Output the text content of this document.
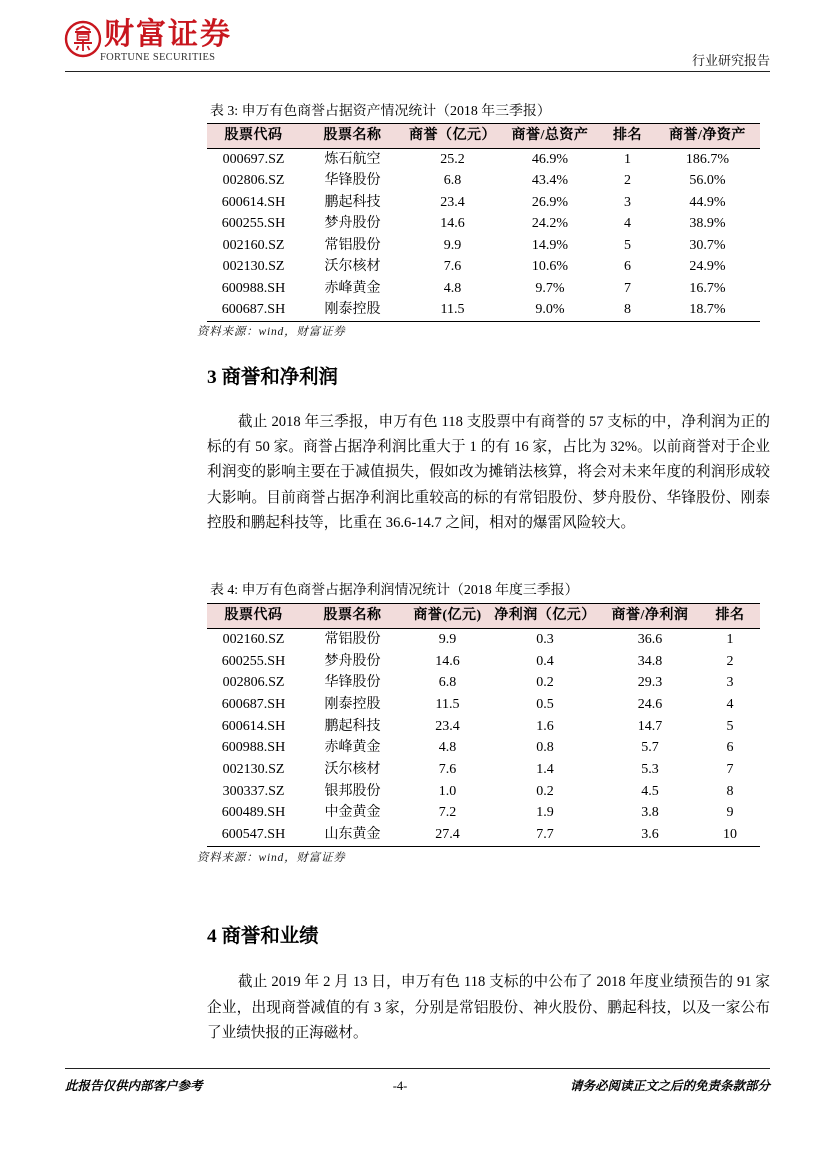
财富证券
FORTUNE SECURITIES	行业研究报告
表 3: 申万有色商誉占据资产情况统计（2018 年三季报）
股票代码	股票名称	商誉（亿元）	商誉/总资产	排名	商誉/净资产
000697.SZ	炼石航空	25.2	46.9%	1	186.7%
002806.SZ	华锋股份	6.8	43.4%	2	56.0%
600614.SH	鹏起科技	23.4	26.9%	3	44.9%
600255.SH	梦舟股份	14.6	24.2%	4	38.9%
002160.SZ	常铝股份	9.9	14.9%	5	30.7%
002130.SZ	沃尔核材	7.6	10.6%	6	24.9%
600988.SH	赤峰黄金	4.8	9.7%	7	16.7%
600687.SH	刚泰控股	11.5	9.0%	8	18.7%
资料来源：wind，财富证券
3 商誉和净利润
截止 2018 年三季报，申万有色 118 支股票中有商誉的 57 支标的中，净利润为正的
标的有 50 家。商誉占据净利润比重大于 1 的有 16 家，占比为 32%。以前商誉对于企业
利润变的影响主要在于减值损失，假如改为摊销法核算，将会对未来年度的利润形成较
大影响。目前商誉占据净利润比重较高的标的有常铝股份、梦舟股份、华锋股份、刚泰
控股和鹏起科技等，比重在 36.6-14.7 之间，相对的爆雷风险较大。
表 4: 申万有色商誉占据净利润情况统计（2018 年度三季报）
股票代码	股票名称	商誉(亿元)	净利润（亿元）	商誉/净利润	排名
002160.SZ	常铝股份	9.9	0.3	36.6	1
600255.SH	梦舟股份	14.6	0.4	34.8	2
002806.SZ	华锋股份	6.8	0.2	29.3	3
600687.SH	刚泰控股	11.5	0.5	24.6	4
600614.SH	鹏起科技	23.4	1.6	14.7	5
600988.SH	赤峰黄金	4.8	0.8	5.7	6
002130.SZ	沃尔核材	7.6	1.4	5.3	7
300337.SZ	银邦股份	1.0	0.2	4.5	8
600489.SH	中金黄金	7.2	1.9	3.8	9
600547.SH	山东黄金	27.4	7.7	3.6	10
资料来源：wind，财富证券
4 商誉和业绩
截止 2019 年 2 月 13 日，申万有色 118 支标的中公布了 2018 年度业绩预告的 91 家
企业，出现商誉减值的有 3 家，分别是常铝股份、神火股份、鹏起科技，以及一家公布
了业绩快报的正海磁材。
此报告仅供内部客户参考	-4-	请务必阅读正文之后的免责条款部分
